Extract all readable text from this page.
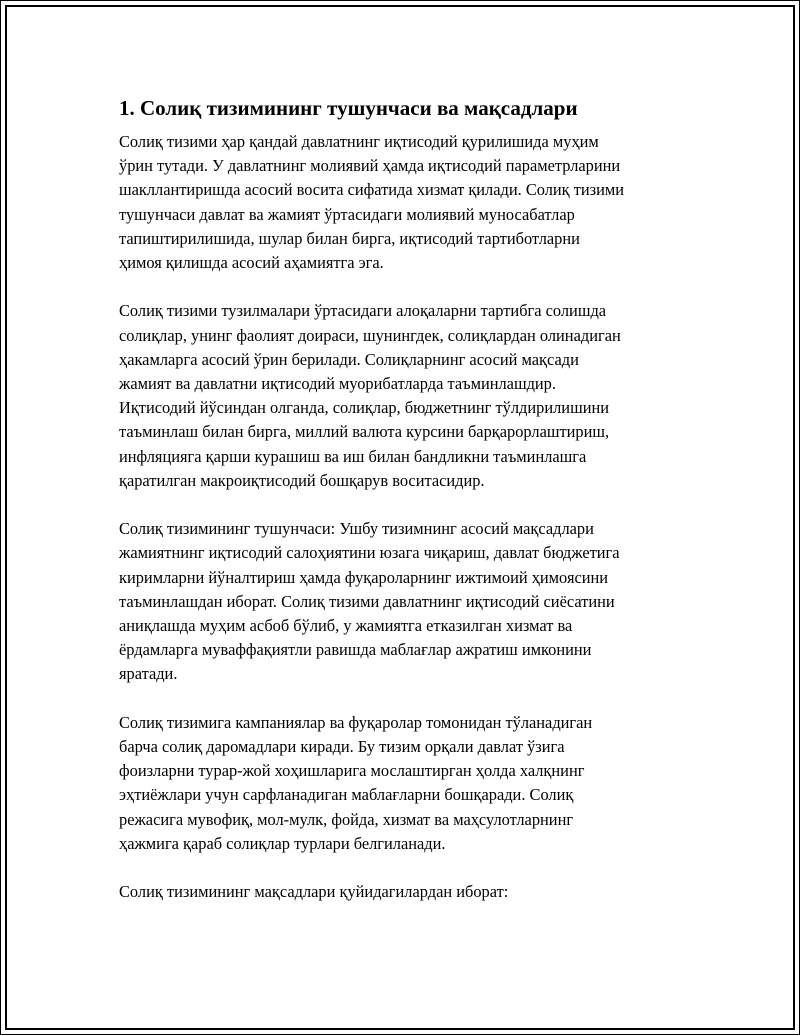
1. Солиқ тизимининг тушунчаси ва мақсадлари

Солиқ тизими ҳар қандай давлатнинг иқтисодий қурилишида муҳим
ўрин тутади. У давлатнинг молиявий ҳамда иқтисодий параметрларини
шакллантиришда асосий восита сифатида хизмат қилади. Солиқ тизими
тушунчаси давлат ва жамият ўртасидаги молиявий муносабатлар
тапиштирилишида, шулар билан бирга, иқтисодий тартиботларни
ҳимоя қилишда асосий аҳамиятга эга.

Солиқ тизими тузилмалари ўртасидаги алоқаларни тартибга солишда
солиқлар, унинг фаолият доираси, шунингдек, солиқлардан олинадиган
ҳакамларга асосий ўрин берилади. Солиқларнинг асосий мақсади
жамият ва давлатни иқтисодий муорибатларда таъминлашдир.
Иқтисодий йўсиндан олганда, солиқлар, бюджетнинг тўлдирилишини
таъминлаш билан бирга, миллий валюта курсини барқарорлаштириш,
инфляцияга қарши курашиш ва иш билан бандликни таъминлашга
қаратилган макроиқтисодий бошқарув воситасидир.

Солиқ тизимининг тушунчаси: Ушбу тизимнинг асосий мақсадлари
жамиятнинг иқтисодий салоҳиятини юзага чиқариш, давлат бюджетига
киримларни йўналтириш ҳамда фуқароларнинг ижтимоий ҳимоясини
таъминлашдан иборат. Солиқ тизими давлатнинг иқтисодий сиёсатини
аниқлашда муҳим асбоб бўлиб, у жамиятга етказилган хизмат ва
ёрдамларга муваффақиятли равишда маблағлар ажратиш имконини
яратади.

Солиқ тизимига кампаниялар ва фуқаролар томонидан тўланадиган
барча солиқ даромадлари киради. Бу тизим орқали давлат ўзига
фоизларни турар-жой хоҳишларига мослаштирган ҳолда халқнинг
эҳтиёжлари учун сарфланадиган маблағларни бошқаради. Солиқ
режасига мувофиқ, мол-мулк, фойда, хизмат ва маҳсулотларнинг
ҳажмига қараб солиқлар турлари белгиланади.

Солиқ тизимининг мақсадлари қуйидагилардан иборат:
